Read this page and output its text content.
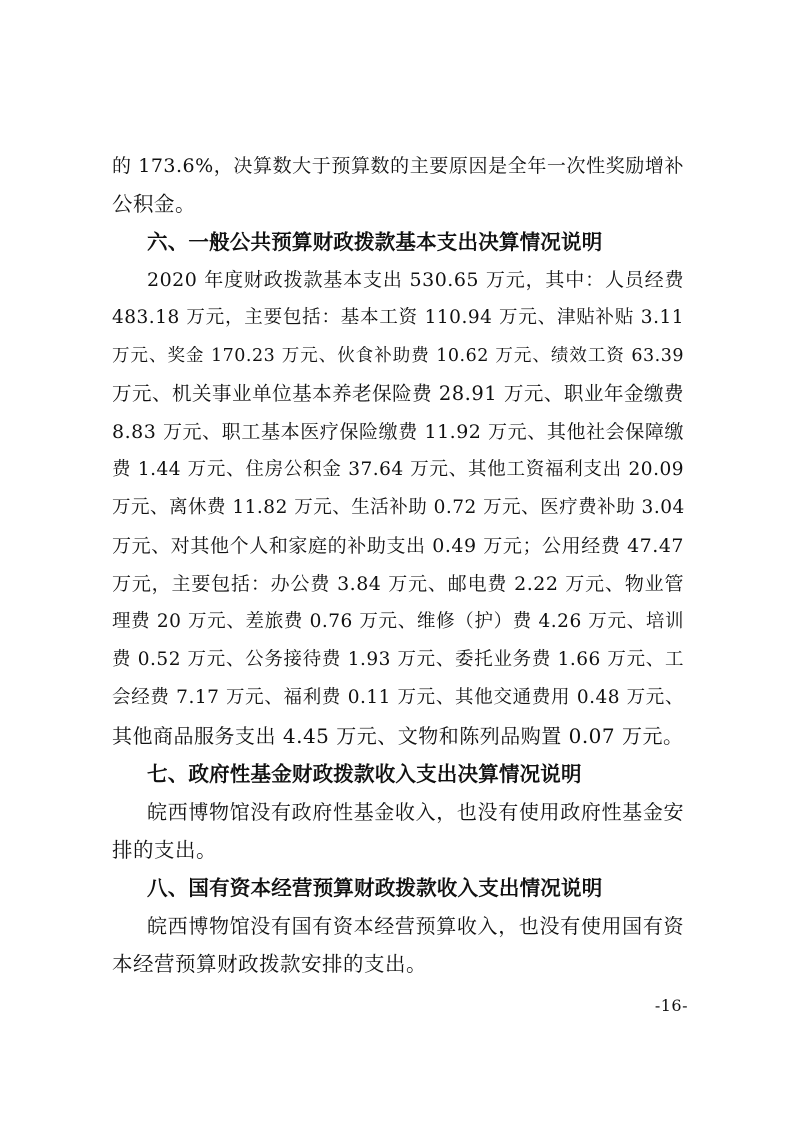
的 173.6%，决算数大于预算数的主要原因是全年一次性奖励增补
公积金。
六、一般公共预算财政拨款基本支出决算情况说明
2020 年度财政拨款基本支出 530.65 万元，其中：人员经费
483.18 万元，主要包括：基本工资 110.94 万元、津贴补贴 3.11
万元、奖金 170.23 万元、伙食补助费 10.62 万元、绩效工资 63.39
万元、机关事业单位基本养老保险费 28.91 万元、职业年金缴费
8.83 万元、职工基本医疗保险缴费 11.92 万元、其他社会保障缴
费 1.44 万元、住房公积金 37.64 万元、其他工资福利支出 20.09
万元、离休费 11.82 万元、生活补助 0.72 万元、医疗费补助 3.04
万元、对其他个人和家庭的补助支出 0.49 万元；公用经费 47.47
万元，主要包括：办公费 3.84 万元、邮电费 2.22 万元、物业管
理费 20 万元、差旅费 0.76 万元、维修（护）费 4.26 万元、培训
费 0.52 万元、公务接待费 1.93 万元、委托业务费 1.66 万元、工
会经费 7.17 万元、福利费 0.11 万元、其他交通费用 0.48 万元、
其他商品服务支出 4.45 万元、文物和陈列品购置 0.07 万元。
七、政府性基金财政拨款收入支出决算情况说明
皖西博物馆没有政府性基金收入，也没有使用政府性基金安
排的支出。
八、国有资本经营预算财政拨款收入支出情况说明
皖西博物馆没有国有资本经营预算收入，也没有使用国有资
本经营预算财政拨款安排的支出。
-16-
